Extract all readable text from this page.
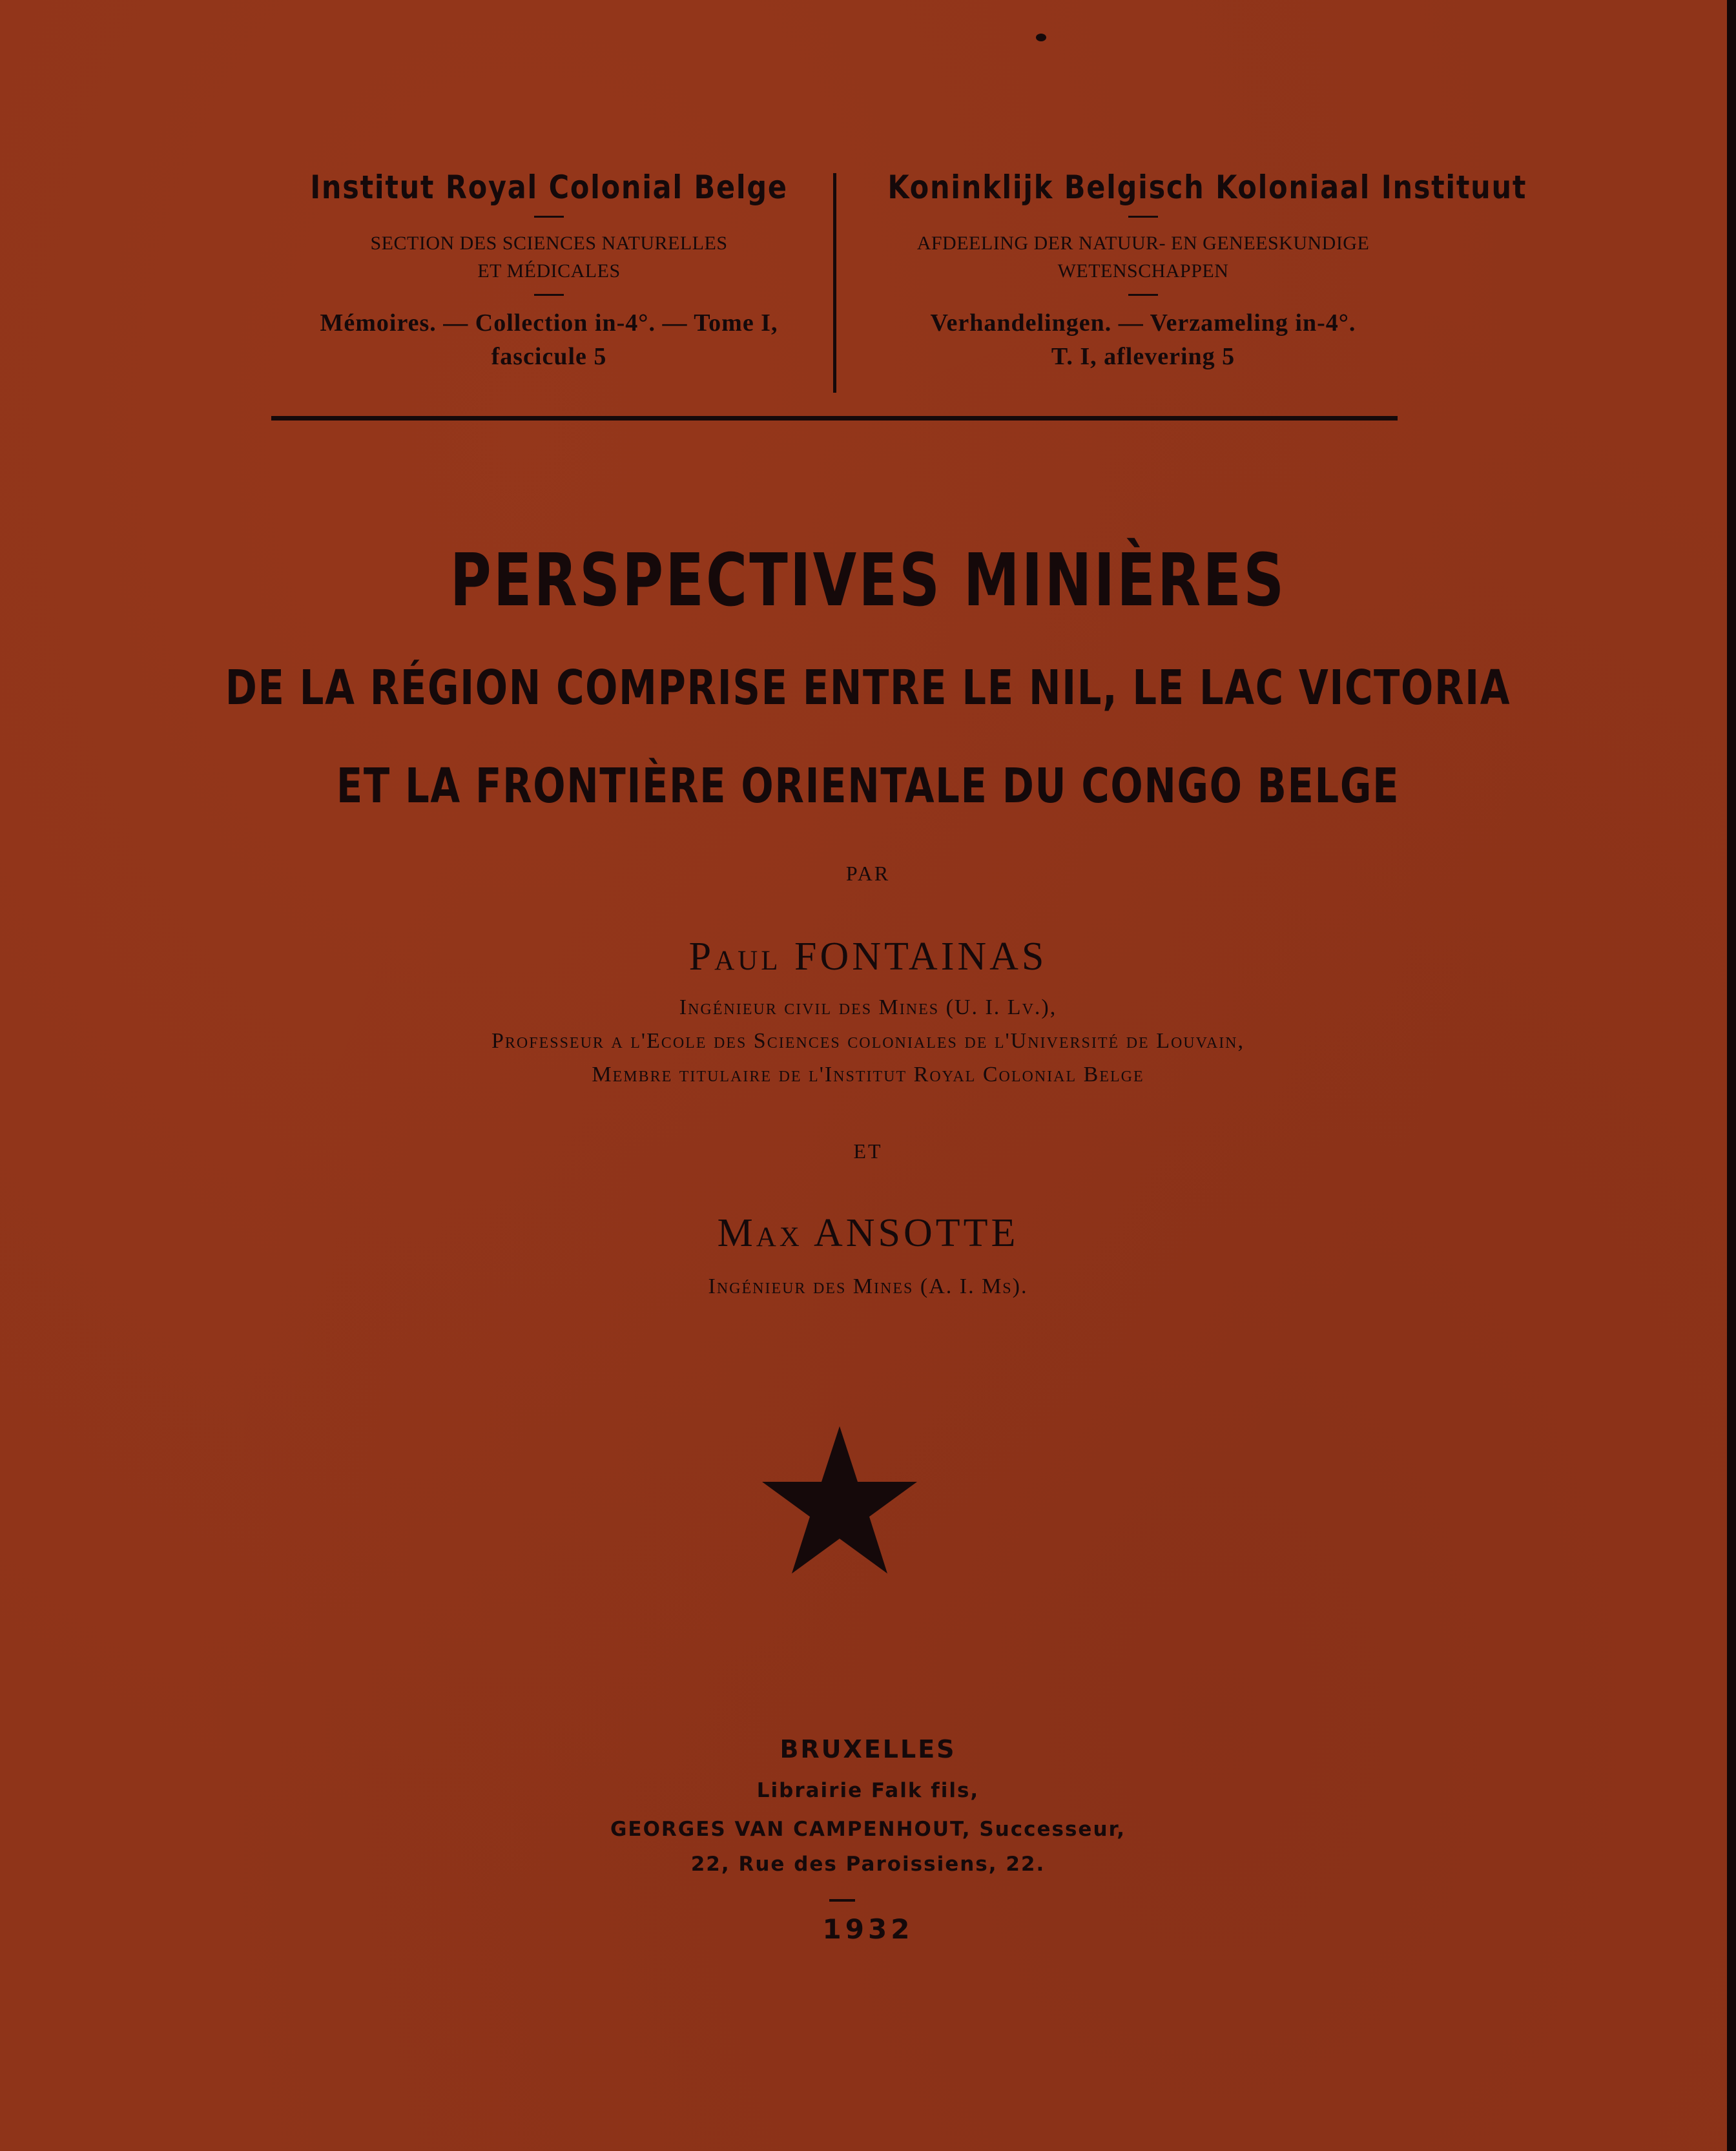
Institut Royal Colonial Belge
SECTION DES SCIENCES NATURELLES
ET MÉDICALES
Mémoires. — Collection in-4°. — Tome I,
fascicule 5
Koninklijk Belgisch Koloniaal Instituut
AFDEELING DER NATUUR- EN GENEESKUNDIGE
WETENSCHAPPEN
Verhandelingen. — Verzameling in-4°.
T. I, aflevering 5
PERSPECTIVES MINIÈRES
DE LA RÉGION COMPRISE ENTRE LE NIL, LE LAC VICTORIA
ET LA FRONTIÈRE ORIENTALE DU CONGO BELGE
PAR
Paul FONTAINAS
Ingénieur civil des Mines (U. I. Lv.),
Professeur a l'Ecole des Sciences coloniales de l'Université de Louvain,
Membre titulaire de l'Institut Royal Colonial Belge
ET
Max ANSOTTE
Ingénieur des Mines (A. I. Ms).
BRUXELLES
Librairie Falk fils,
GEORGES VAN CAMPENHOUT, Successeur,
22, Rue des Paroissiens, 22.
1932
